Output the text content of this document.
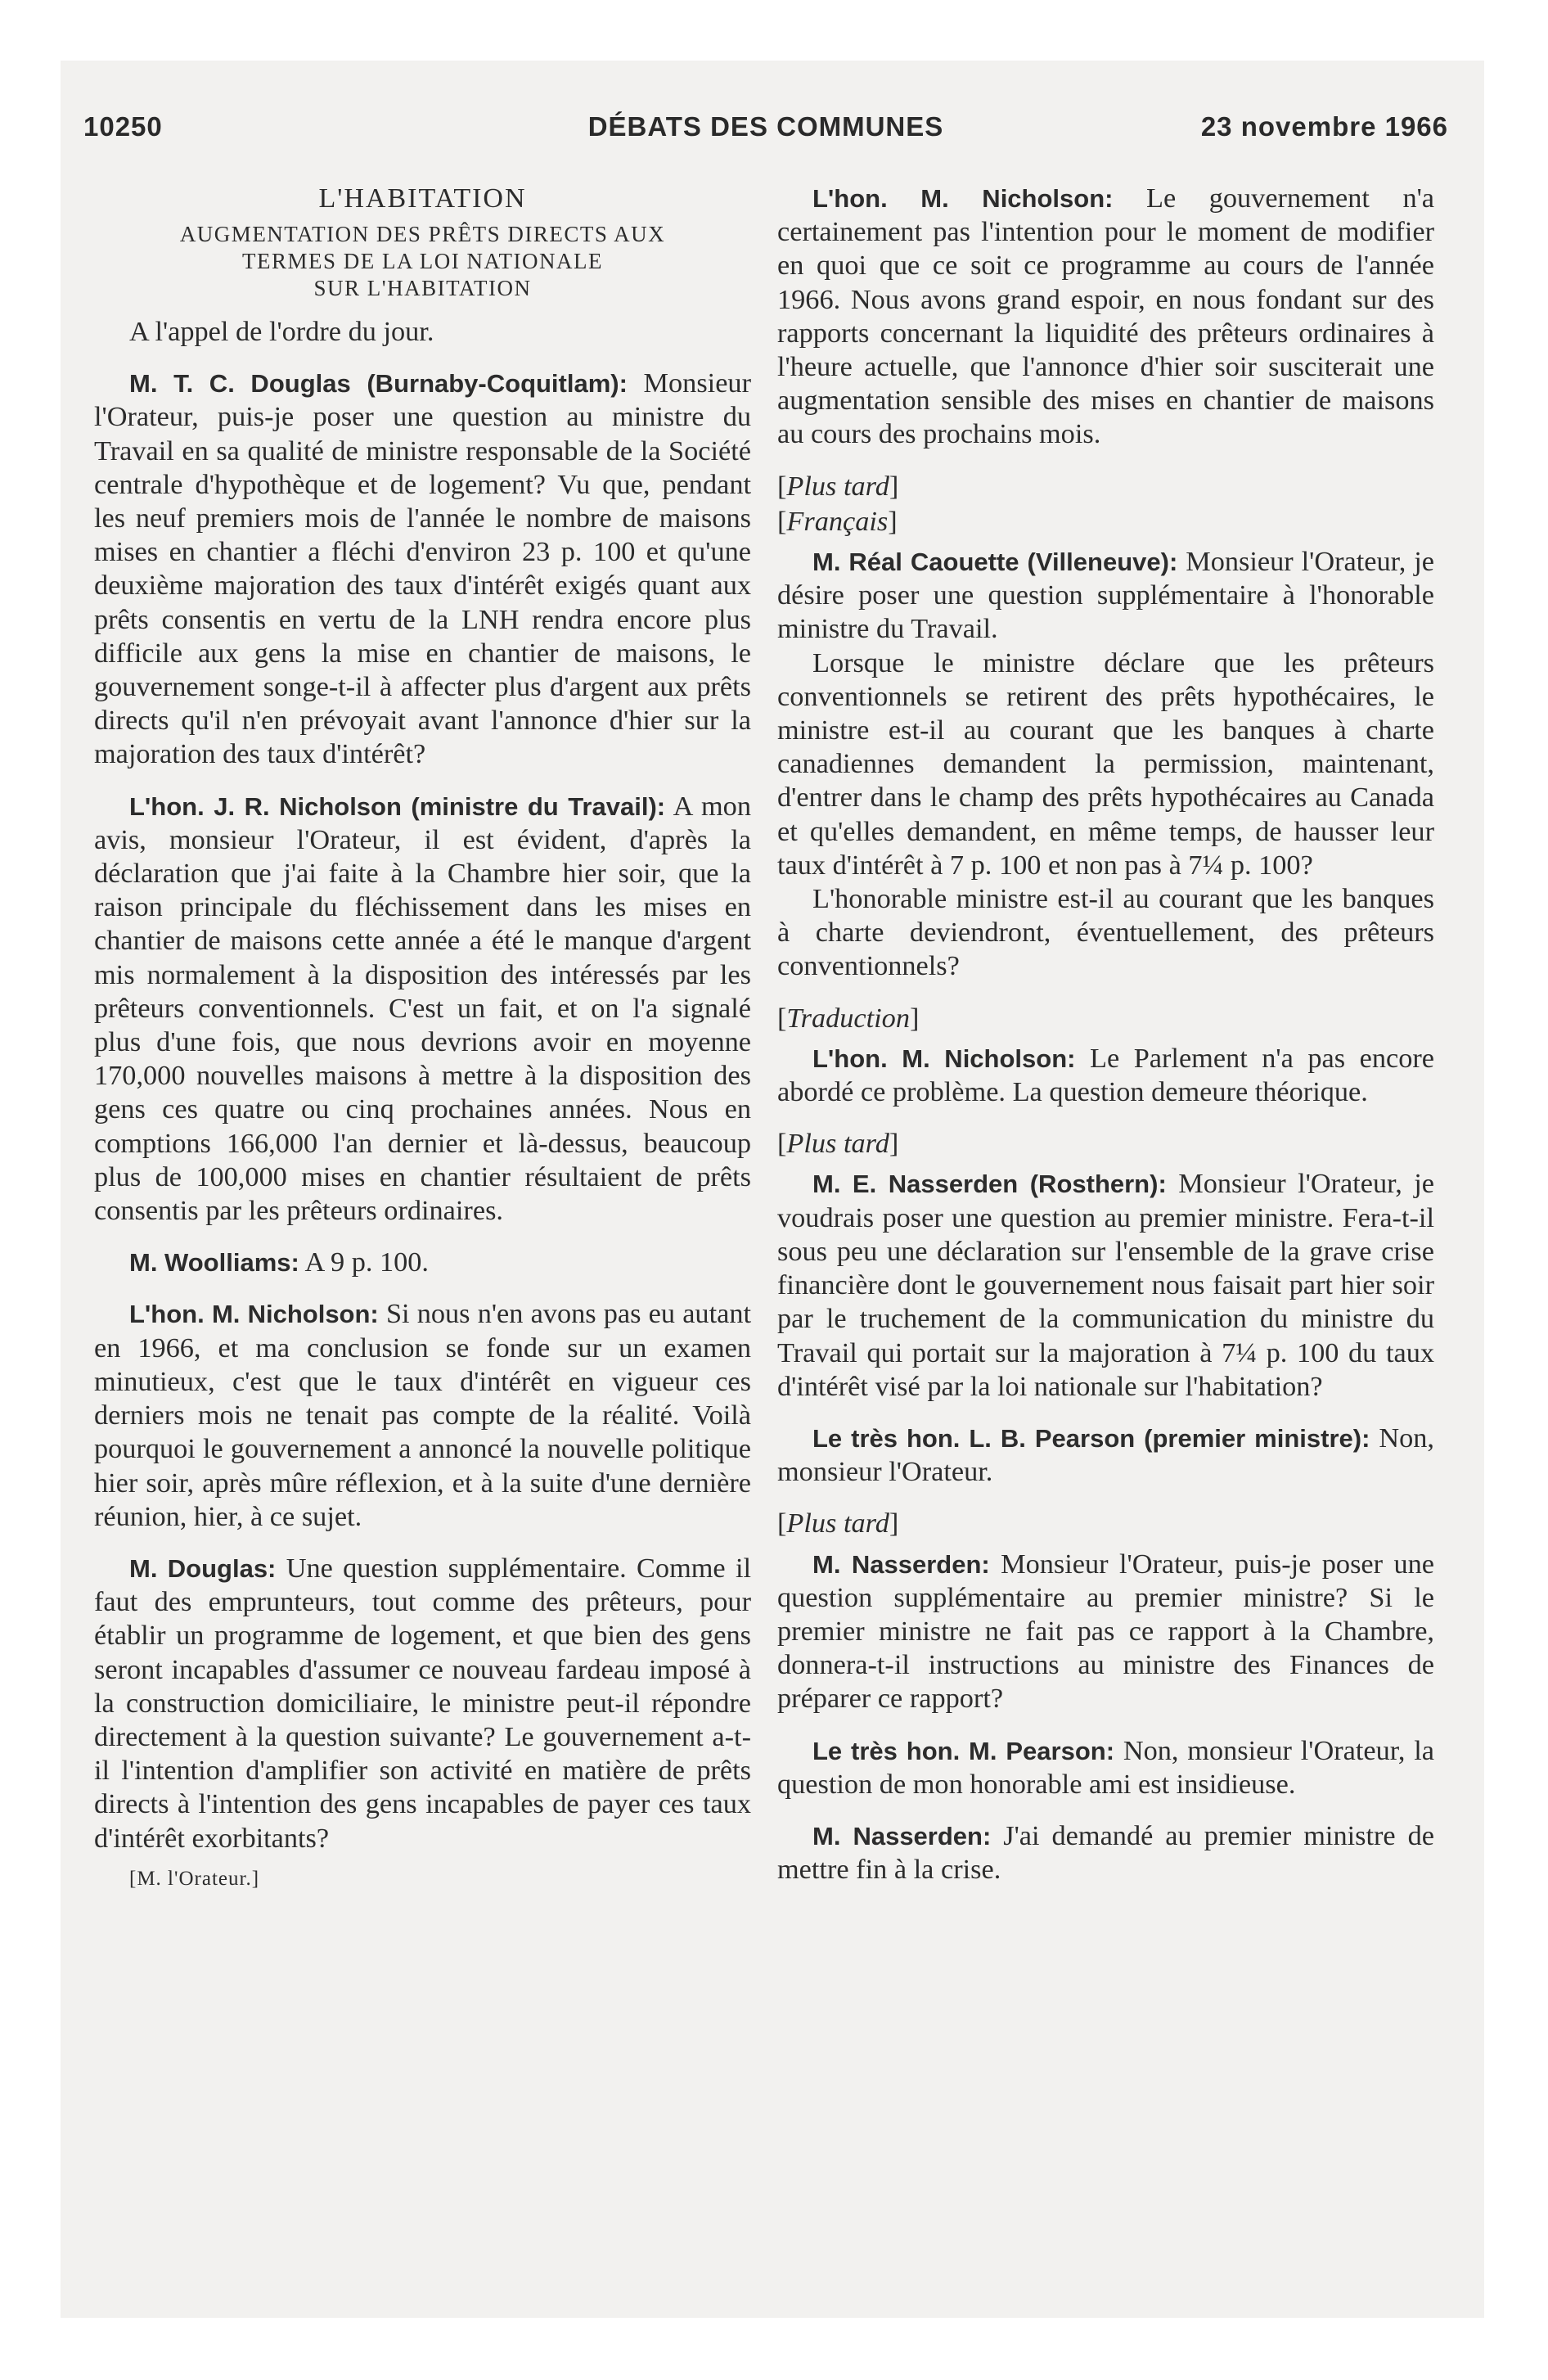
10250	DÉBATS DES COMMUNES	23 novembre 1966
L'HABITATION
AUGMENTATION DES PRÊTS DIRECTS AUX
TERMES DE LA LOI NATIONALE
SUR L'HABITATION

A l'appel de l'ordre du jour.

M. T. C. Douglas (Burnaby-Coquitlam): Monsieur l'Orateur, puis-je poser une question au ministre du Travail en sa qualité de ministre responsable de la Société centrale d'hypothèque et de logement? Vu que, pendant les neuf premiers mois de l'année le nombre de maisons mises en chantier a fléchi d'environ 23 p. 100 et qu'une deuxième majoration des taux d'intérêt exigés quant aux prêts consentis en vertu de la LNH rendra encore plus difficile aux gens la mise en chantier de maisons, le gouvernement songe-t-il à affecter plus d'argent aux prêts directs qu'il n'en prévoyait avant l'annonce d'hier sur la majoration des taux d'intérêt?

L'hon. J. R. Nicholson (ministre du Travail): A mon avis, monsieur l'Orateur, il est évident, d'après la déclaration que j'ai faite à la Chambre hier soir, que la raison principale du fléchissement dans les mises en chantier de maisons cette année a été le manque d'argent mis normalement à la disposition des intéressés par les prêteurs conventionnels. C'est un fait, et on l'a signalé plus d'une fois, que nous devrions avoir en moyenne 170,000 nouvelles maisons à mettre à la disposition des gens ces quatre ou cinq prochaines années. Nous en comptions 166,000 l'an dernier et là-dessus, beaucoup plus de 100,000 mises en chantier résultaient de prêts consentis par les prêteurs ordinaires.

M. Woolliams: A 9 p. 100.

L'hon. M. Nicholson: Si nous n'en avons pas eu autant en 1966, et ma conclusion se fonde sur un examen minutieux, c'est que le taux d'intérêt en vigueur ces derniers mois ne tenait pas compte de la réalité. Voilà pourquoi le gouvernement a annoncé la nouvelle politique hier soir, après mûre réflexion, et à la suite d'une dernière réunion, hier, à ce sujet.

M. Douglas: Une question supplémentaire. Comme il faut des emprunteurs, tout comme des prêteurs, pour établir un programme de logement, et que bien des gens seront incapables d'assumer ce nouveau fardeau imposé à la construction domiciliaire, le ministre peut-il répondre directement à la question suivante? Le gouvernement a-t-il l'intention d'amplifier son activité en matière de prêts directs à l'intention des gens incapables de payer ces taux d'intérêt exorbitants?

[M. l'Orateur.]

L'hon. M. Nicholson: Le gouvernement n'a certainement pas l'intention pour le moment de modifier en quoi que ce soit ce programme au cours de l'année 1966. Nous avons grand espoir, en nous fondant sur des rapports concernant la liquidité des prêteurs ordinaires à l'heure actuelle, que l'annonce d'hier soir susciterait une augmentation sensible des mises en chantier de maisons au cours des prochains mois.

[Plus tard]

[Français]

M. Réal Caouette (Villeneuve): Monsieur l'Orateur, je désire poser une question supplémentaire à l'honorable ministre du Travail.

Lorsque le ministre déclare que les prêteurs conventionnels se retirent des prêts hypothécaires, le ministre est-il au courant que les banques à charte canadiennes demandent la permission, maintenant, d'entrer dans le champ des prêts hypothécaires au Canada et qu'elles demandent, en même temps, de hausser leur taux d'intérêt à 7 p. 100 et non pas à 7¼ p. 100?

L'honorable ministre est-il au courant que les banques à charte deviendront, éventuellement, des prêteurs conventionnels?

[Traduction]

L'hon. M. Nicholson: Le Parlement n'a pas encore abordé ce problème. La question demeure théorique.

[Plus tard]

M. E. Nasserden (Rosthern): Monsieur l'Orateur, je voudrais poser une question au premier ministre. Fera-t-il sous peu une déclaration sur l'ensemble de la grave crise financière dont le gouvernement nous faisait part hier soir par le truchement de la communication du ministre du Travail qui portait sur la majoration à 7¼ p. 100 du taux d'intérêt visé par la loi nationale sur l'habitation?

Le très hon. L. B. Pearson (premier ministre): Non, monsieur l'Orateur.

[Plus tard]

M. Nasserden: Monsieur l'Orateur, puis-je poser une question supplémentaire au premier ministre? Si le premier ministre ne fait pas ce rapport à la Chambre, donnera-t-il instructions au ministre des Finances de préparer ce rapport?

Le très hon. M. Pearson: Non, monsieur l'Orateur, la question de mon honorable ami est insidieuse.

M. Nasserden: J'ai demandé au premier ministre de mettre fin à la crise.
